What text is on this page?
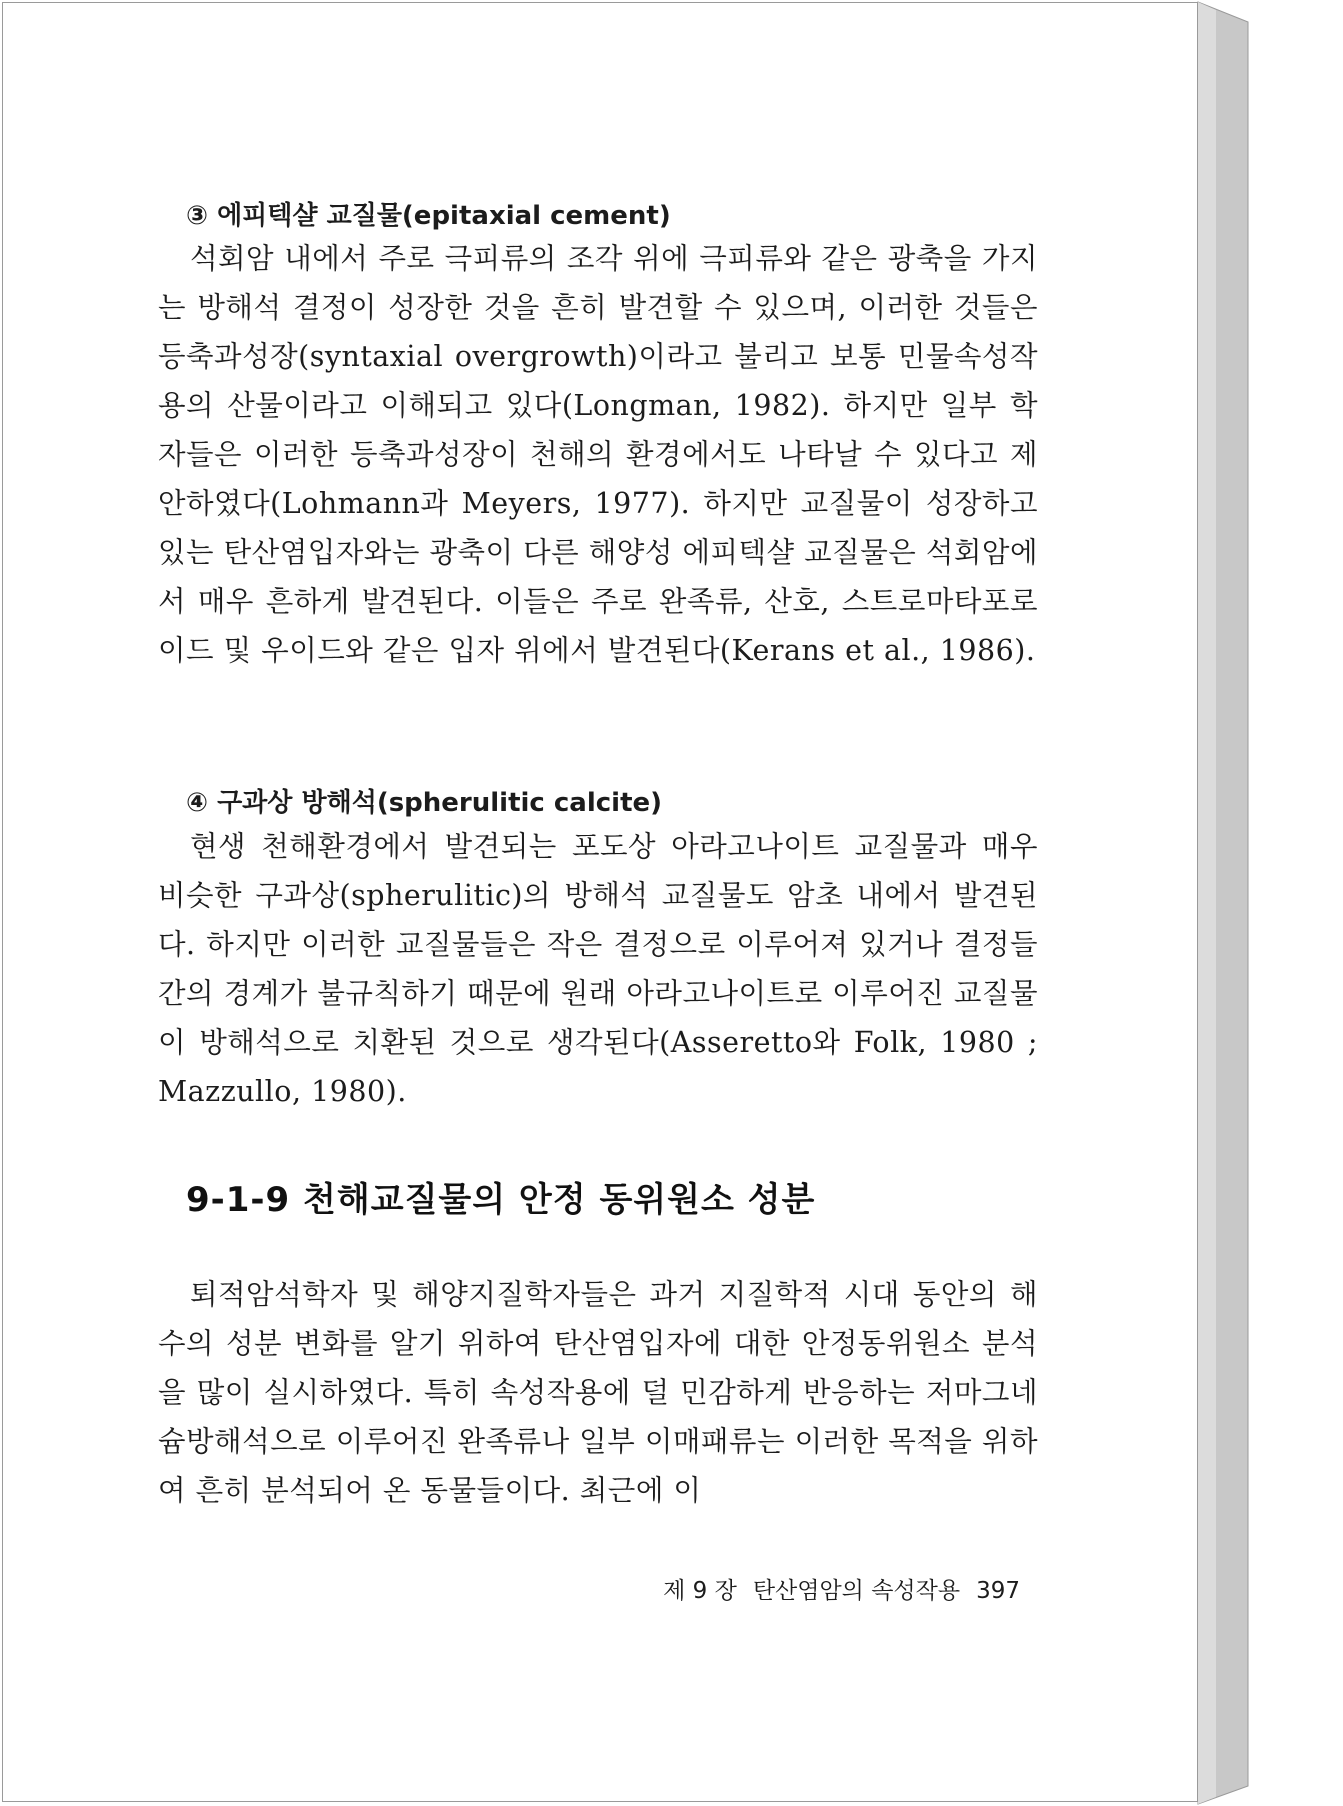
③ 에피텍샬 교질물(epitaxial cement)

석회암 내에서 주로 극피류의 조각 위에 극피류와 같은 광축을 가지는 방해석 결정이 성장한 것을 흔히 발견할 수 있으며, 이러한 것들은 등축과성장(syntaxial overgrowth)이라고 불리고 보통 민물속성작용의 산물이라고 이해되고 있다(Longman, 1982). 하지만 일부 학자들은 이러한 등축과성장이 천해의 환경에서도 나타날 수 있다고 제안하였다(Lohmann과 Meyers, 1977). 하지만 교질물이 성장하고 있는 탄산염입자와는 광축이 다른 해양성 에피텍샬 교질물은 석회암에서 매우 흔하게 발견된다. 이들은 주로 완족류, 산호, 스트로마타포로이드 및 우이드와 같은 입자 위에서 발견된다(Kerans et al., 1986).

④ 구과상 방해석(spherulitic calcite)

현생 천해환경에서 발견되는 포도상 아라고나이트 교질물과 매우 비슷한 구과상(spherulitic)의 방해석 교질물도 암초 내에서 발견된다. 하지만 이러한 교질물들은 작은 결정으로 이루어져 있거나 결정들간의 경계가 불규칙하기 때문에 원래 아라고나이트로 이루어진 교질물이 방해석으로 치환된 것으로 생각된다(Asseretto와 Folk, 1980 ; Mazzullo, 1980).

9-1-9 천해교질물의 안정 동위원소 성분

퇴적암석학자 및 해양지질학자들은 과거 지질학적 시대 동안의 해수의 성분 변화를 알기 위하여 탄산염입자에 대한 안정동위원소 분석을 많이 실시하였다. 특히 속성작용에 덜 민감하게 반응하는 저마그네슘방해석으로 이루어진 완족류나 일부 이매패류는 이러한 목적을 위하여 흔히 분석되어 온 동물들이다. 최근에 이

제 9 장 탄산염암의 속성작용 397
